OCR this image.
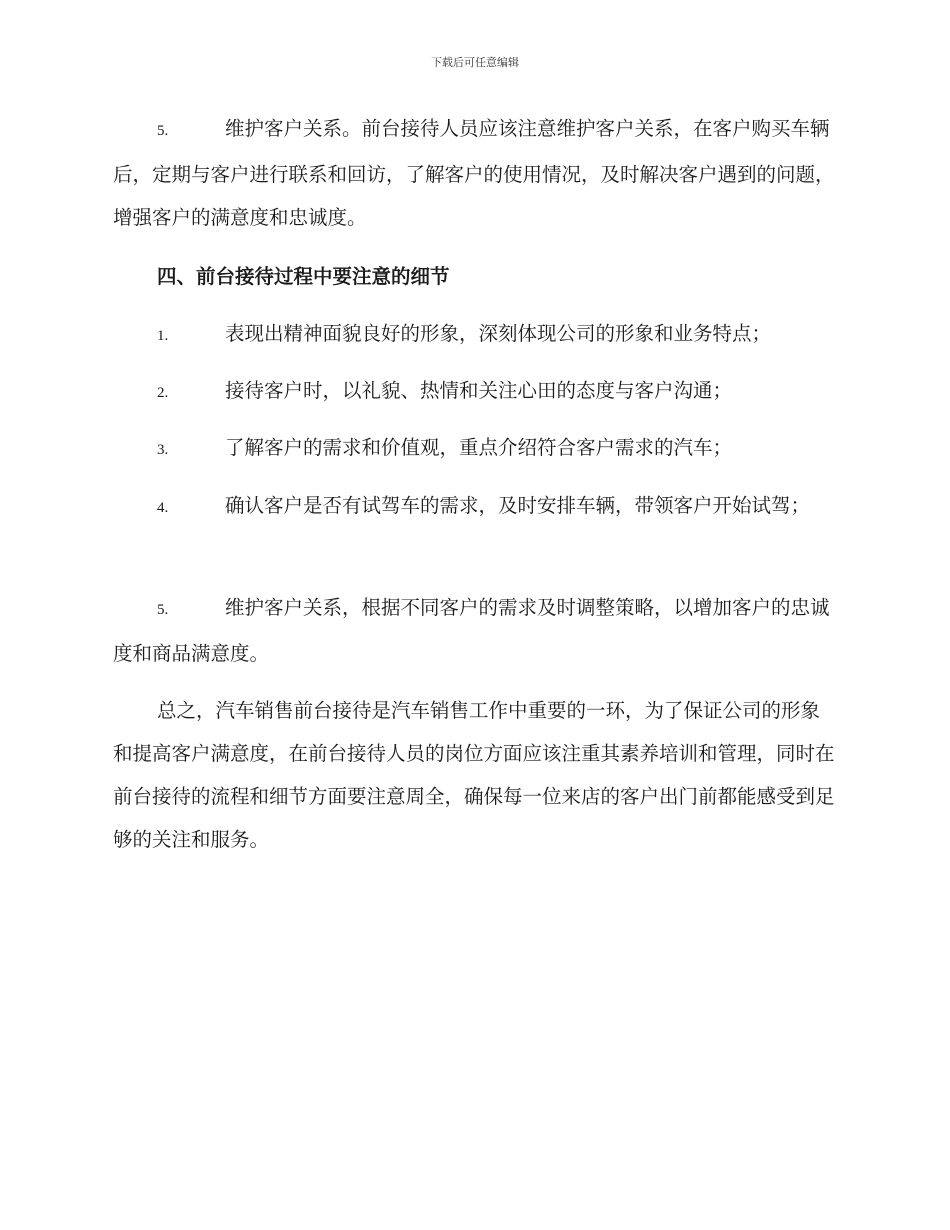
下载后可任意编辑

5.	维护客户关系。前台接待人员应该注意维护客户关系，在客户购买车辆后，定期与客户进行联系和回访，了解客户的使用情况，及时解决客户遇到的问题，增强客户的满意度和忠诚度。

四、前台接待过程中要注意的细节

1.	表现出精神面貌良好的形象，深刻体现公司的形象和业务特点；

2.	接待客户时，以礼貌、热情和关注心田的态度与客户沟通；

3.	了解客户的需求和价值观，重点介绍符合客户需求的汽车；

4.	确认客户是否有试驾车的需求，及时安排车辆，带领客户开始试驾；

5.	维护客户关系，根据不同客户的需求及时调整策略，以增加客户的忠诚度和商品满意度。

总之，汽车销售前台接待是汽车销售工作中重要的一环，为了保证公司的形象和提高客户满意度，在前台接待人员的岗位方面应该注重其素养培训和管理，同时在前台接待的流程和细节方面要注意周全，确保每一位来店的客户出门前都能感受到足够的关注和服务。
